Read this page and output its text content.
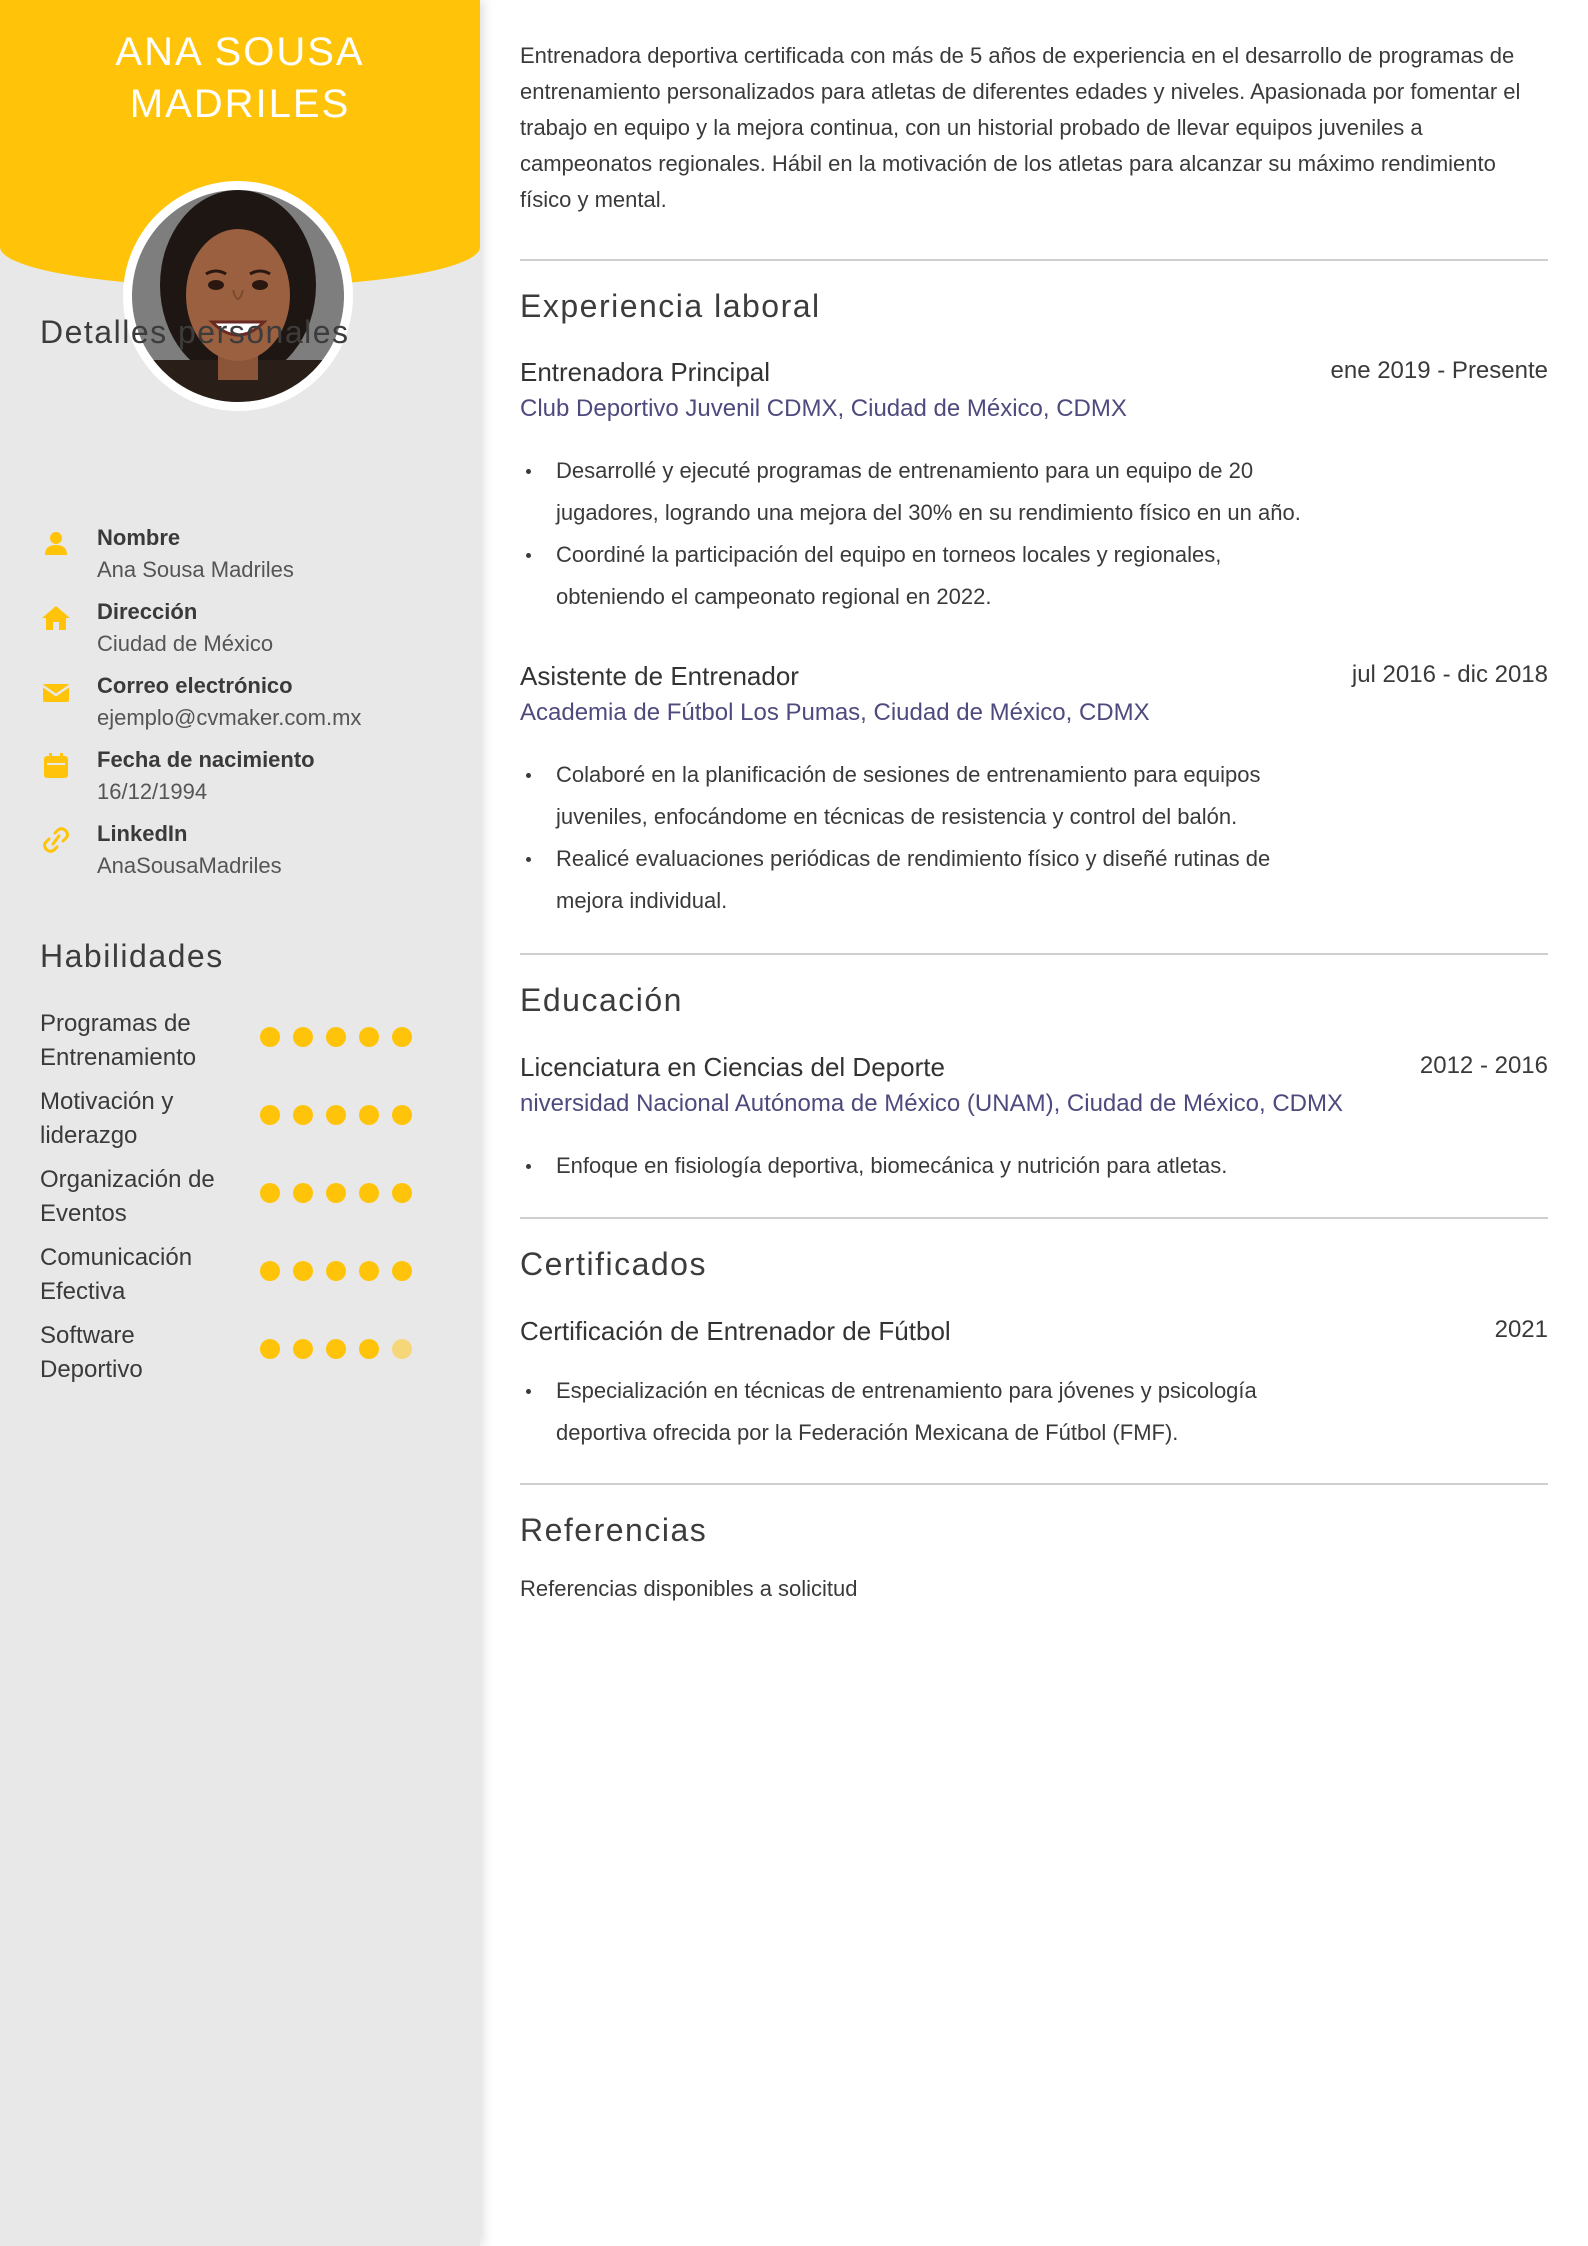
ANA SOUSA
MADRILES
Detalles personales
Nombre
Ana Sousa Madriles
Dirección
Ciudad de México
Correo electrónico
ejemplo@cvmaker.com.mx
Fecha de nacimiento
16/12/1994
LinkedIn
AnaSousaMadriles
Habilidades
Programas de
Entrenamiento
Motivación y
liderazgo
Organización de
Eventos
Comunicación
Efectiva
Software
Deportivo
Entrenadora deportiva certificada con más de 5 años de experiencia en el desarrollo de programas de
entrenamiento personalizados para atletas de diferentes edades y niveles. Apasionada por fomentar el
trabajo en equipo y la mejora continua, con un historial probado de llevar equipos juveniles a
campeonatos regionales. Hábil en la motivación de los atletas para alcanzar su máximo rendimiento
físico y mental.
Experiencia laboral
Entrenadora Principal	ene 2019 - Presente
Club Deportivo Juvenil CDMX, Ciudad de México, CDMX
Desarrollé y ejecuté programas de entrenamiento para un equipo de 20
jugadores, logrando una mejora del 30% en su rendimiento físico en un año.
Coordiné la participación del equipo en torneos locales y regionales,
obteniendo el campeonato regional en 2022.
Asistente de Entrenador	jul 2016 - dic 2018
Academia de Fútbol Los Pumas, Ciudad de México, CDMX
Colaboré en la planificación de sesiones de entrenamiento para equipos
juveniles, enfocándome en técnicas de resistencia y control del balón.
Realicé evaluaciones periódicas de rendimiento físico y diseñé rutinas de
mejora individual.
Educación
Licenciatura en Ciencias del Deporte	2012 - 2016
niversidad Nacional Autónoma de México (UNAM), Ciudad de México, CDMX
Enfoque en fisiología deportiva, biomecánica y nutrición para atletas.
Certificados
Certificación de Entrenador de Fútbol	2021
Especialización en técnicas de entrenamiento para jóvenes y psicología
deportiva ofrecida por la Federación Mexicana de Fútbol (FMF).
Referencias
Referencias disponibles a solicitud
